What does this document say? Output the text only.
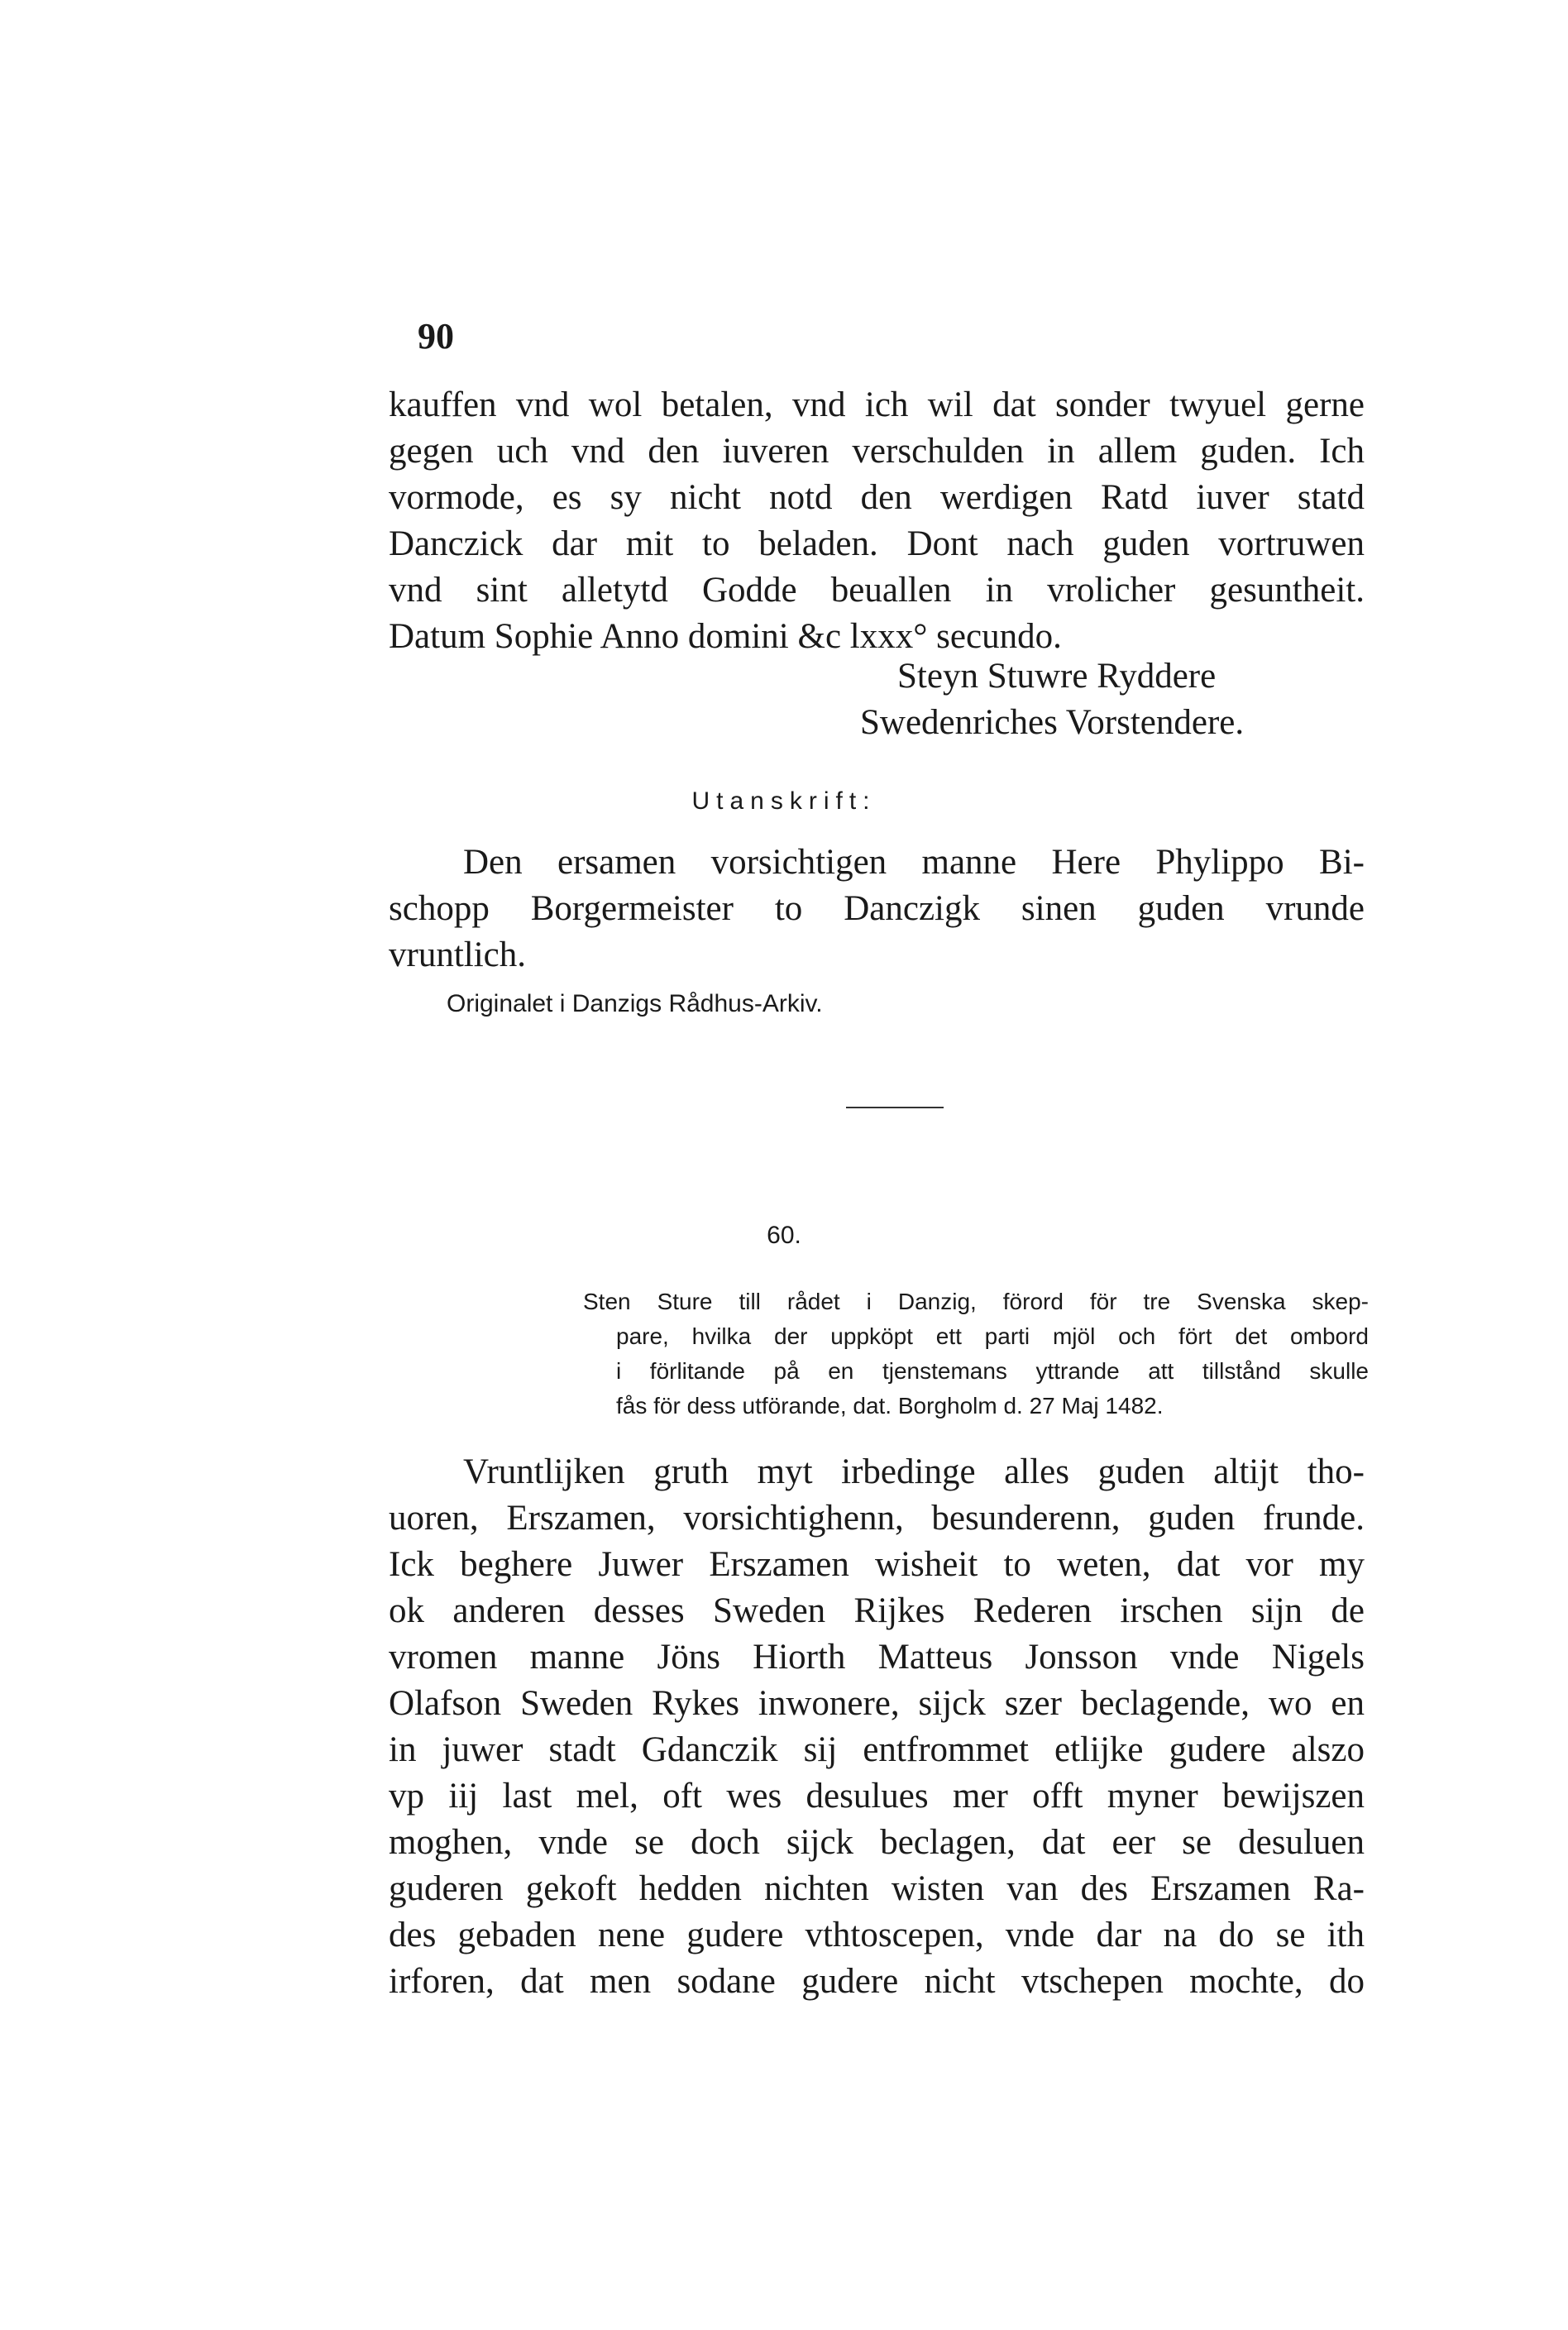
90
kauffen vnd wol betalen, vnd ich wil dat sonder twyuel gerne
gegen uch vnd den iuveren verschulden in allem guden. Ich
vormode, es sy nicht notd den werdigen Ratd iuver statd
Danczick dar mit to beladen. Dont nach guden vortruwen
vnd sint alletytd Godde beuallen in vrolicher gesuntheit.
Datum Sophie Anno domini &c lxxx° secundo.
Steyn Stuwre Ryddere
Swedenriches Vorstendere.
Utanskrift:
Den ersamen vorsichtigen manne Here Phylippo Bi-
schopp Borgermeister to Danczigk sinen guden vrunde
vruntlich.
Originalet i Danzigs Rådhus-Arkiv.
60.
Sten Sture till rådet i Danzig, förord för tre Svenska skep-
pare, hvilka der uppköpt ett parti mjöl och fört det ombord
i förlitande på en tjenstemans yttrande att tillstånd skulle
fås för dess utförande, dat. Borgholm d. 27 Maj 1482.
Vruntlijken gruth myt irbedinge alles guden altijt tho-
uoren, Erszamen, vorsichtighenn, besunderenn, guden frunde.
Ick beghere Juwer Erszamen wisheit to weten, dat vor my
ok anderen desses Sweden Rijkes Rederen irschen sijn de
vromen manne Jöns Hiorth Matteus Jonsson vnde Nigels
Olafson Sweden Rykes inwonere, sijck szer beclagende, wo en
in juwer stadt Gdanczik sij entfrommet etlijke gudere alszo
vp iij last mel, oft wes desulues mer offt myner bewijszen
moghen, vnde se doch sijck beclagen, dat eer se desuluen
guderen gekoft hedden nichten wisten van des Erszamen Ra-
des gebaden nene gudere vthtoscepen, vnde dar na do se ith
irforen, dat men sodane gudere nicht vtschepen mochte, do
